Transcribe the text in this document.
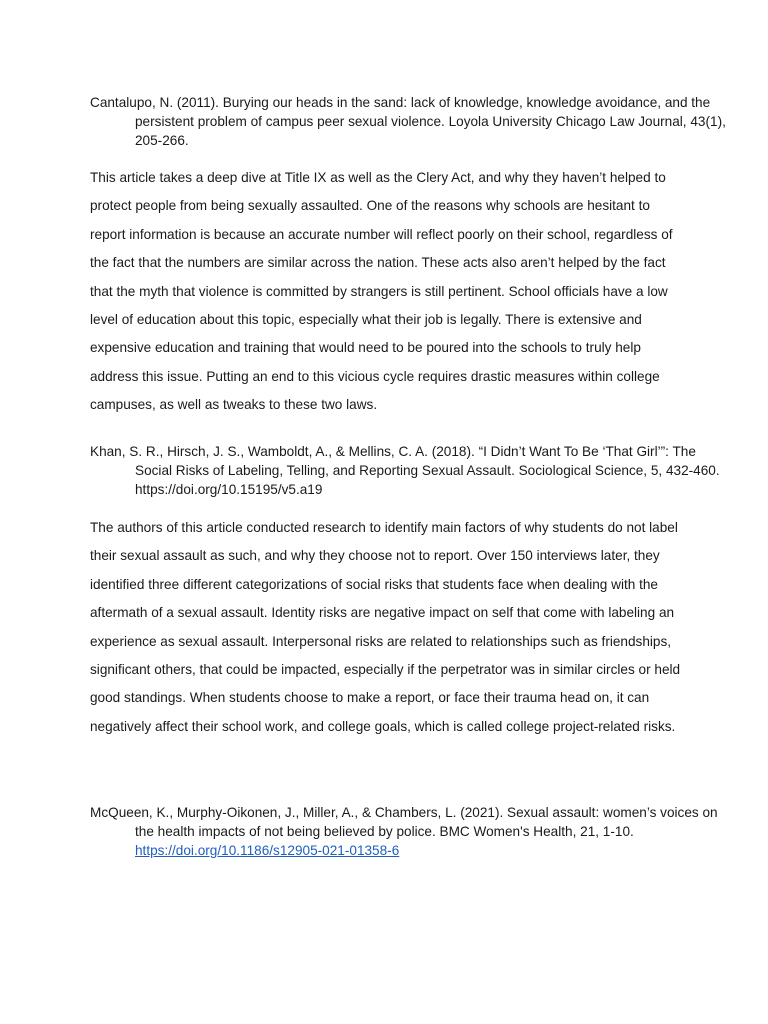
Cantalupo, N. (2011). Burying our heads in the sand: lack of knowledge, knowledge avoidance, and the persistent problem of campus peer sexual violence. Loyola University Chicago Law Journal, 43(1), 205-266.

This article takes a deep dive at Title IX as well as the Clery Act, and why they haven’t helped to protect people from being sexually assaulted. One of the reasons why schools are hesitant to report information is because an accurate number will reflect poorly on their school, regardless of the fact that the numbers are similar across the nation. These acts also aren’t helped by the fact that the myth that violence is committed by strangers is still pertinent. School officials have a low level of education about this topic, especially what their job is legally. There is extensive and expensive education and training that would need to be poured into the schools to truly help address this issue. Putting an end to this vicious cycle requires drastic measures within college campuses, as well as tweaks to these two laws.

Khan, S. R., Hirsch, J. S., Wamboldt, A., & Mellins, C. A. (2018). “I Didn’t Want To Be ‘That Girl’”: The Social Risks of Labeling, Telling, and Reporting Sexual Assault. Sociological Science, 5, 432-460. https://doi.org/10.15195/v5.a19

The authors of this article conducted research to identify main factors of why students do not label their sexual assault as such, and why they choose not to report. Over 150 interviews later, they identified three different categorizations of social risks that students face when dealing with the aftermath of a sexual assault. Identity risks are negative impact on self that come with labeling an experience as sexual assault. Interpersonal risks are related to relationships such as friendships, significant others, that could be impacted, especially if the perpetrator was in similar circles or held good standings. When students choose to make a report, or face their trauma head on, it can negatively affect their school work, and college goals, which is called college project-related risks.

McQueen, K., Murphy-Oikonen, J., Miller, A., & Chambers, L. (2021). Sexual assault: women’s voices on the health impacts of not being believed by police. BMC Women's Health, 21, 1-10. https://doi.org/10.1186/s12905-021-01358-6
